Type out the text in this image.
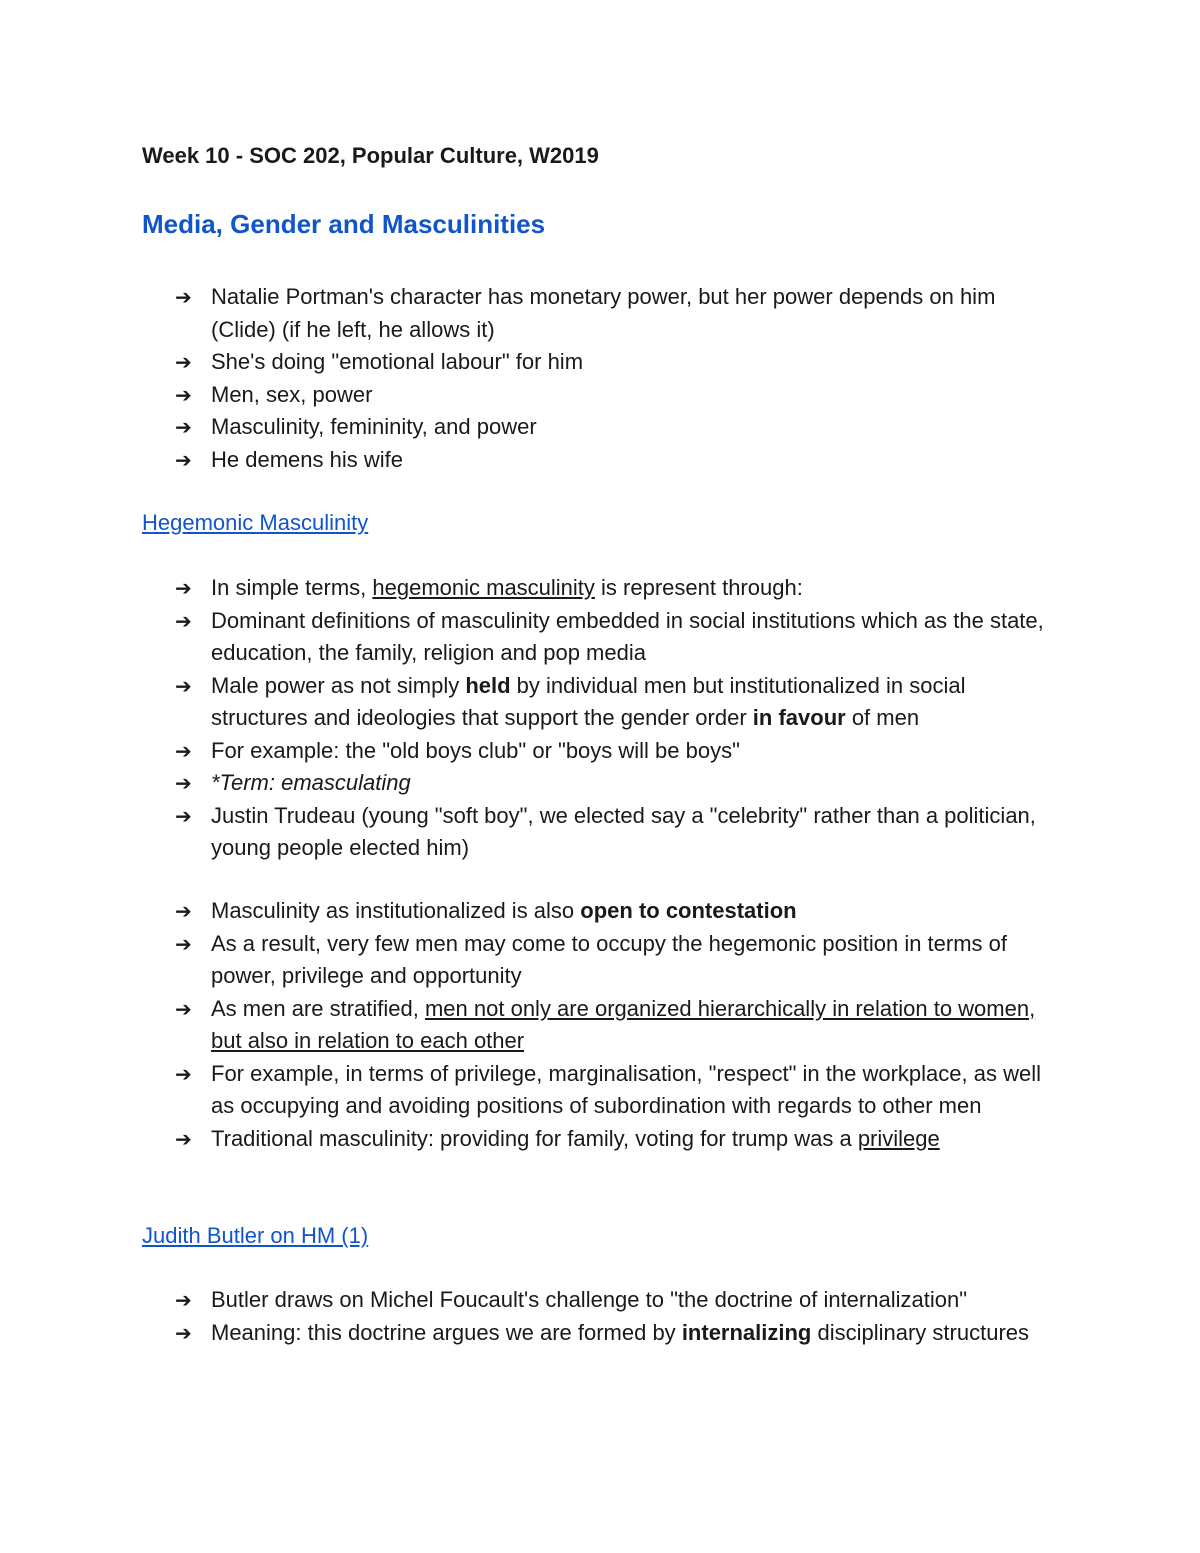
Week 10 - SOC 202, Popular Culture, W2019
Media, Gender and Masculinities
➔ Natalie Portman's character has monetary power, but her power depends on him (Clide) (if he left, he allows it)
➔ She's doing "emotional labour" for him
➔ Men, sex, power
➔ Masculinity, femininity, and power
➔ He demens his wife
Hegemonic Masculinity
➔ In simple terms, hegemonic masculinity is represent through:
➔ Dominant definitions of masculinity embedded in social institutions which as the state, education, the family, religion and pop media
➔ Male power as not simply held by individual men but institutionalized in social structures and ideologies that support the gender order in favour of men
➔ For example: the "old boys club" or "boys will be boys"
➔ *Term: emasculating
➔ Justin Trudeau (young "soft boy", we elected say a "celebrity" rather than a politician, young people elected him)
➔ Masculinity as institutionalized is also open to contestation
➔ As a result, very few men may come to occupy the hegemonic position in terms of power, privilege and opportunity
➔ As men are stratified, men not only are organized hierarchically in relation to women, but also in relation to each other
➔ For example, in terms of privilege, marginalisation, "respect" in the workplace, as well as occupying and avoiding positions of subordination with regards to other men
➔ Traditional masculinity: providing for family, voting for trump was a privilege
Judith Butler on HM (1)
➔ Butler draws on Michel Foucault's challenge to "the doctrine of internalization"
➔ Meaning: this doctrine argues we are formed by internalizing disciplinary structures
